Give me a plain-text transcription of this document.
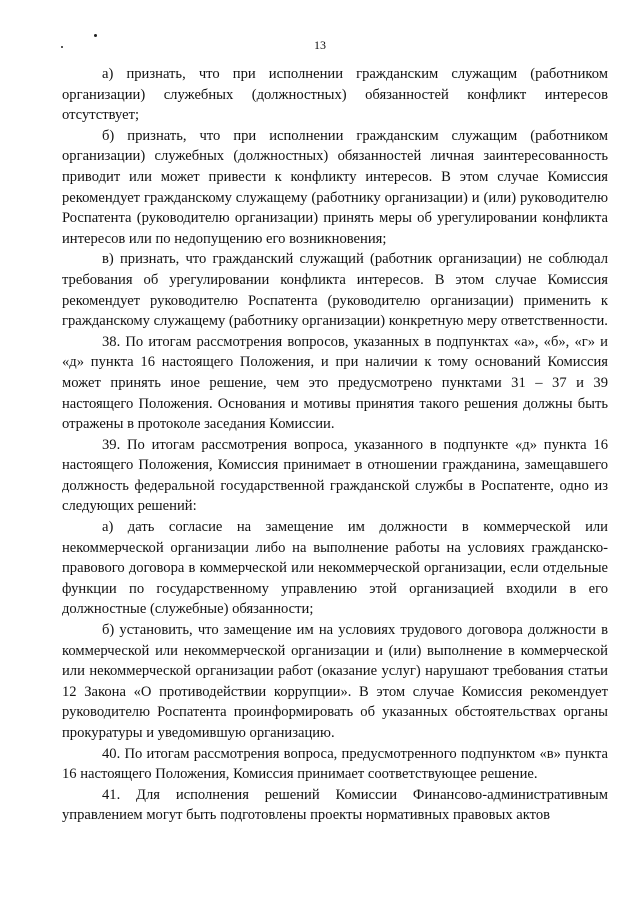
13

а) признать, что при исполнении гражданским служащим (работником организации) служебных (должностных) обязанностей конфликт интересов отсутствует;

б) признать, что при исполнении гражданским служащим (работником организации) служебных (должностных) обязанностей личная заинтересованность приводит или может привести к конфликту интересов. В этом случае Комиссия рекомендует гражданскому служащему (работнику организации) и (или) руководителю Роспатента (руководителю организации) принять меры об урегулировании конфликта интересов или по недопущению его возникновения;

в) признать, что гражданский служащий (работник организации) не соблюдал требования об урегулировании конфликта интересов. В этом случае Комиссия рекомендует руководителю Роспатента (руководителю организации) применить к гражданскому служащему (работнику организации) конкретную меру ответственности.

38. По итогам рассмотрения вопросов, указанных в подпунктах «а», «б», «г» и «д» пункта 16 настоящего Положения, и при наличии к тому оснований Комиссия может принять иное решение, чем это предусмотрено пунктами 31 – 37 и 39 настоящего Положения. Основания и мотивы принятия такого решения должны быть отражены в протоколе заседания Комиссии.

39. По итогам рассмотрения вопроса, указанного в подпункте «д» пункта 16 настоящего Положения, Комиссия принимает в отношении гражданина, замещавшего должность федеральной государственной гражданской службы в Роспатенте, одно из следующих решений:

а) дать согласие на замещение им должности в коммерческой или некоммерческой организации либо на выполнение работы на условиях гражданско-правового договора в коммерческой или некоммерческой организации, если отдельные функции по государственному управлению этой организацией входили в его должностные (служебные) обязанности;

б) установить, что замещение им на условиях трудового договора должности в коммерческой или некоммерческой организации и (или) выполнение в коммерческой или некоммерческой организации работ (оказание услуг) нарушают требования статьи 12 Закона «О противодействии коррупции». В этом случае Комиссия рекомендует руководителю Роспатента проинформировать об указанных обстоятельствах органы прокуратуры и уведомившую организацию.

40. По итогам рассмотрения вопроса, предусмотренного подпунктом «в» пункта 16 настоящего Положения, Комиссия принимает соответствующее решение.

41. Для исполнения решений Комиссии Финансово-административным управлением могут быть подготовлены проекты нормативных правовых актов
